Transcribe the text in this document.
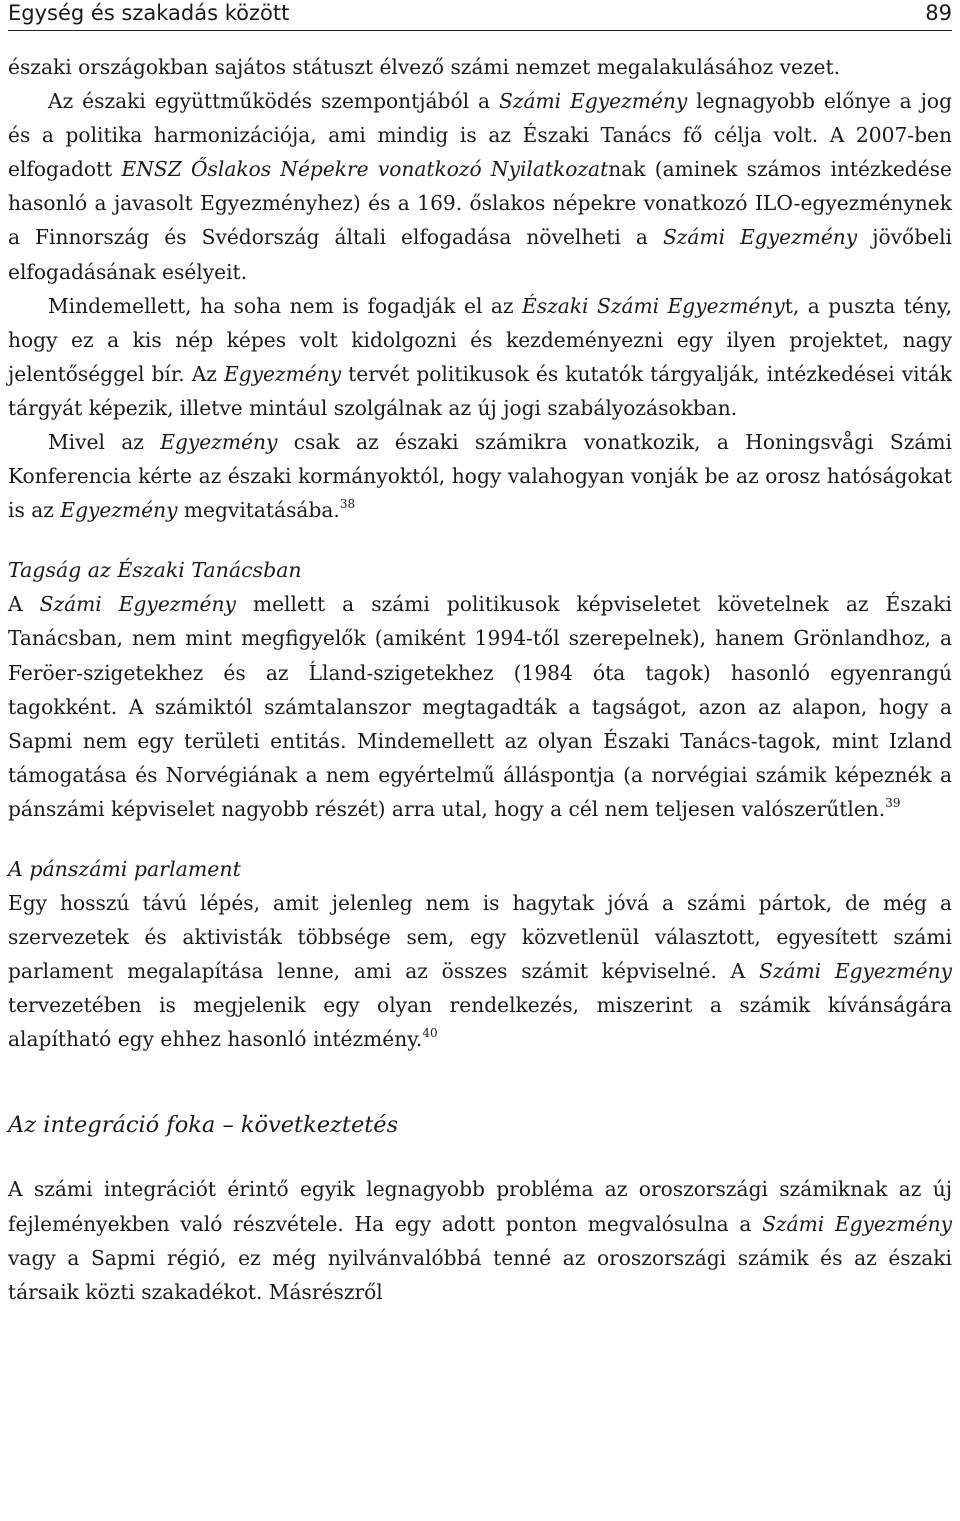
Egység és szakadás között	89

északi országokban sajátos státuszt élvező számi nemzet megalakulásához vezet.

Az északi együttműködés szempontjából a Számi Egyezmény legnagyobb előnye a jog és a politika harmonizációja, ami mindig is az Északi Tanács fő célja volt. A 2007-ben elfogadott ENSZ Őslakos Népekre vonatkozó Nyilatkozatnak (aminek számos intézkedése hasonló a javasolt Egyezményhez) és a 169. őslakos népekre vonatkozó ILO-egyezménynek a Finnország és Svédország általi elfogadása növelheti a Számi Egyezmény jövőbeli elfogadásának esélyeit.

Mindemellett, ha soha nem is fogadják el az Északi Számi Egyezményt, a puszta tény, hogy ez a kis nép képes volt kidolgozni és kezdeményezni egy ilyen projektet, nagy jelentőséggel bír. Az Egyezmény tervét politikusok és kutatók tárgyalják, intézkedései viták tárgyát képezik, illetve mintául szolgálnak az új jogi szabályozásokban.

Mivel az Egyezmény csak az északi számikra vonatkozik, a Honingsvågi Számi Konferencia kérte az északi kormányoktól, hogy valahogyan vonják be az orosz hatóságokat is az Egyezmény megvitatásába.$^{38}$

Tagság az Északi Tanácsban

A Számi Egyezmény mellett a számi politikusok képviseletet követelnek az Északi Tanácsban, nem mint megfigyelők (amiként 1994-től szerepelnek), hanem Grönlandhoz, a Feröer-szigetekhez és az Ĺland-szigetekhez (1984 óta tagok) hasonló egyenrangú tagokként. A számiktól számtalanszor megtagadták a tagságot, azon az alapon, hogy a Sapmi nem egy területi entitás. Mindemellett az olyan Északi Tanács-tagok, mint Izland támogatása és Norvégiának a nem egyértelmű álláspontja (a norvégiai számik képeznék a pánszámi képviselet nagyobb részét) arra utal, hogy a cél nem teljesen valószerűtlen.$^{39}$

A pánszámi parlament

Egy hosszú távú lépés, amit jelenleg nem is hagytak jóvá a számi pártok, de még a szervezetek és aktivisták többsége sem, egy közvetlenül választott, egyesített számi parlament megalapítása lenne, ami az összes számit képviselné. A Számi Egyezmény tervezetében is megjelenik egy olyan rendelkezés, miszerint a számik kívánságára alapítható egy ehhez hasonló intézmény.$^{40}$

Az integráció foka – következtetés

A számi integrációt érintő egyik legnagyobb probléma az oroszországi számiknak az új fejleményekben való részvétele. Ha egy adott ponton megvalósulna a Számi Egyezmény vagy a Sapmi régió, ez még nyilvánvalóbbá tenné az oroszországi számik és az északi társaik közti szakadékot. Másrészről
